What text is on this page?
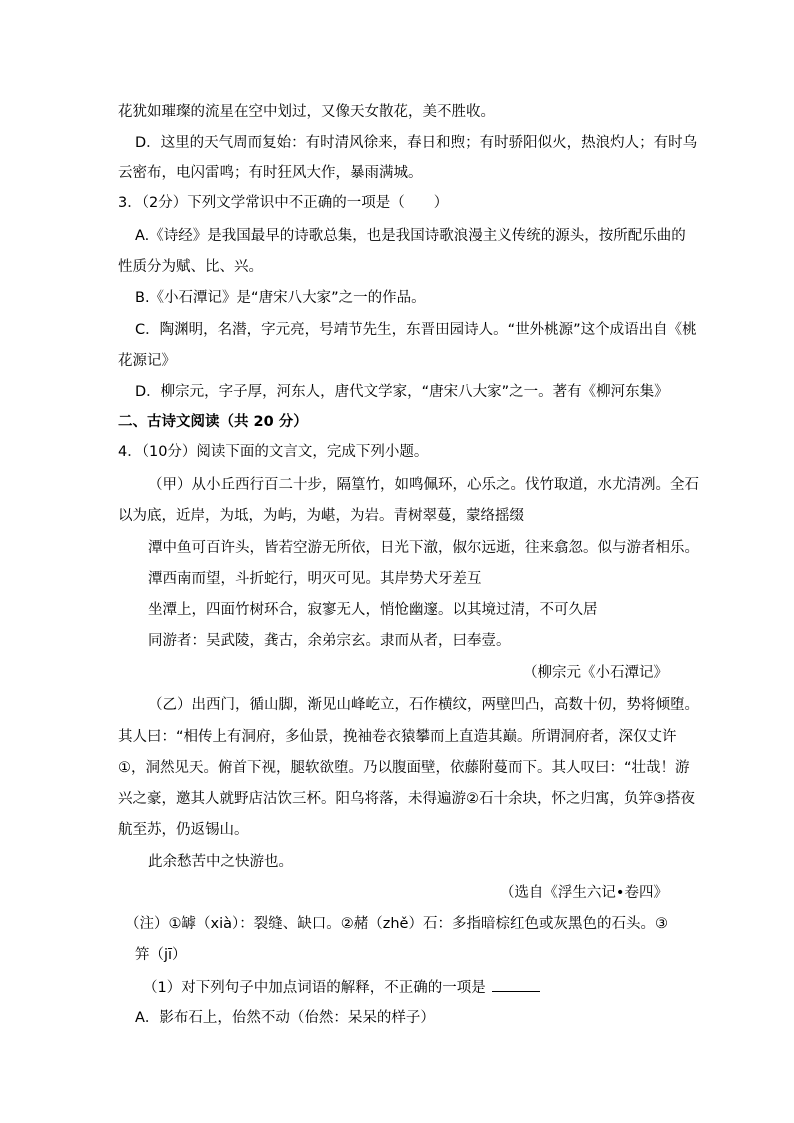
花犹如璀璨的流星在空中划过，又像天女散花，美不胜收。
D．这里的天气周而复始：有时清风徐来，春日和煦；有时骄阳似火，热浪灼人；有时乌
云密布，电闪雷鸣；有时狂风大作，暴雨满城。
3．（2分）下列文学常识中不正确的一项是（　　）
A.《诗经》是我国最早的诗歌总集，也是我国诗歌浪漫主义传统的源头，按所配乐曲的
性质分为赋、比、兴。
B.《小石潭记》是“唐宋八大家”之一的作品。
C．陶渊明，名潜，字元亮，号靖节先生，东晋田园诗人。“世外桃源”这个成语出自《桃
花源记》
D．柳宗元，字子厚，河东人，唐代文学家，“唐宋八大家”之一。著有《柳河东集》
二、古诗文阅读（共 20 分）
4．（10分）阅读下面的文言文，完成下列小题。
（甲）从小丘西行百二十步，隔篁竹，如鸣佩环，心乐之。伐竹取道，水尤清冽。全石
以为底，近岸，为坻，为屿，为嵁，为岩。青树翠蔓，蒙络摇缀
潭中鱼可百许头，皆若空游无所依，日光下澈，俶尔远逝，往来翕忽。似与游者相乐。
潭西南而望，斗折蛇行，明灭可见。其岸势犬牙差互
坐潭上，四面竹树环合，寂寥无人，悄怆幽邃。以其境过清，不可久居
同游者：吴武陵，龚古，余弟宗玄。隶而从者，曰奉壹。
（柳宗元《小石潭记》
（乙）出西门，循山脚，渐见山峰屹立，石作横纹，两壁凹凸，高数十仞，势将倾堕。
其人曰：“相传上有洞府，多仙景，挽袖卷衣猿攀而上直造其巅。所谓洞府者，深仅丈许
①，洞然见天。俯首下视，腿软欲堕。乃以腹面壁，依藤附蔓而下。其人叹曰：“壮哉！游
兴之豪，邀其人就野店沽饮三杯。阳乌将落，未得遍游②石十余块，怀之归寓，负笄③搭夜
航至苏，仍返锡山。
此余愁苦中之快游也。
（选自《浮生六记•卷四》
（注）①罅（xià）：裂缝、缺口。②赭（zhě）石：多指暗棕红色或灰黑色的石头。③
笄（jī）
（1）对下列句子中加点词语的解释，不正确的一项是
A．影布石上，佁然不动（佁然：呆呆的样子）
